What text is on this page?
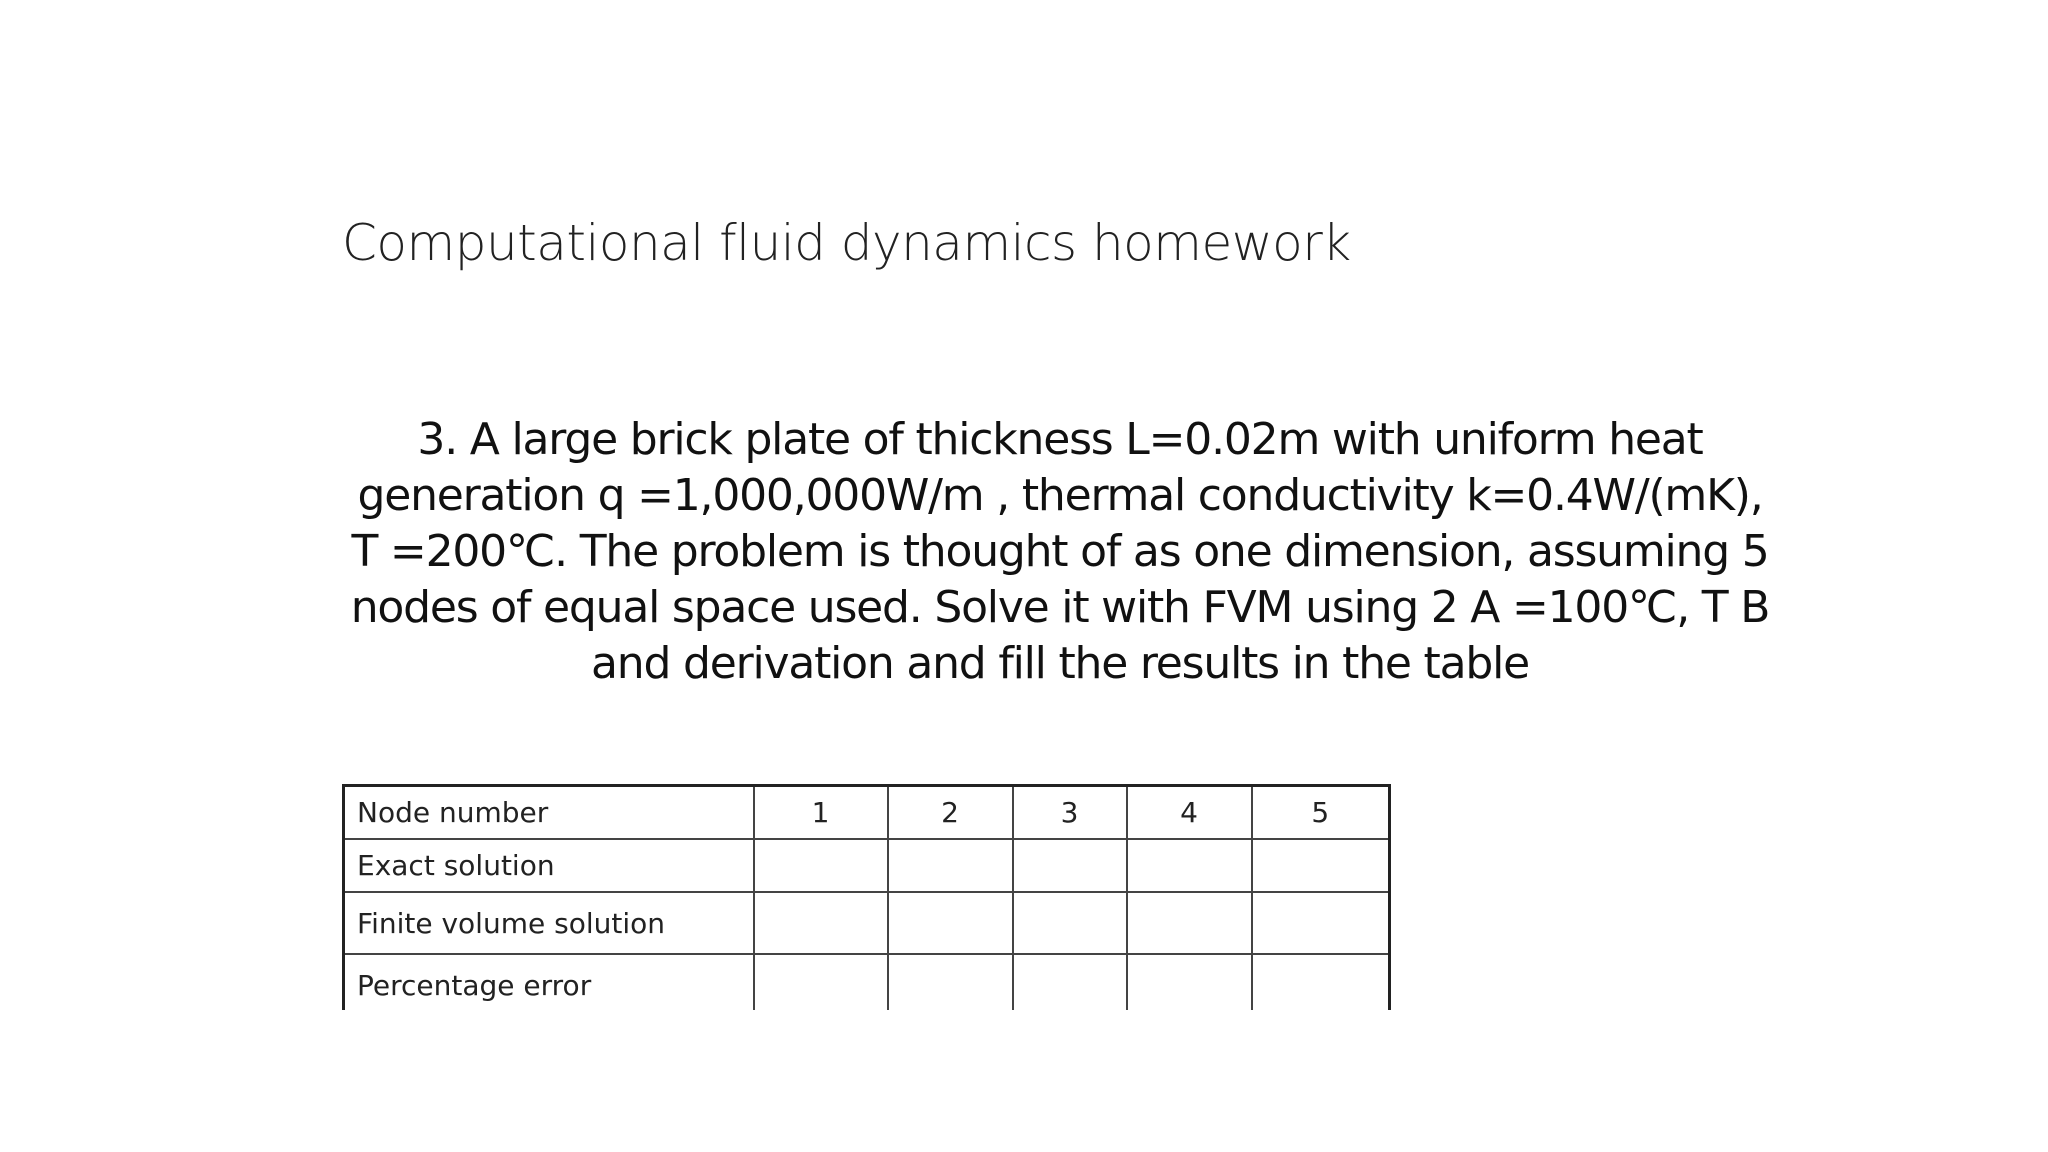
Computational fluid dynamics homework
3. A large brick plate of thickness L=0.02m with uniform heat
generation q =1,000,000W/m , thermal conductivity k=0.4W/(mK),
T =200℃. The problem is thought of as one dimension, assuming 5
nodes of equal space used. Solve it with FVM using 2 A =100℃, T B
and derivation and fill the results in the table
Node number	1	2	3	4	5
Exact solution					
Finite volume solution					
Percentage error					
